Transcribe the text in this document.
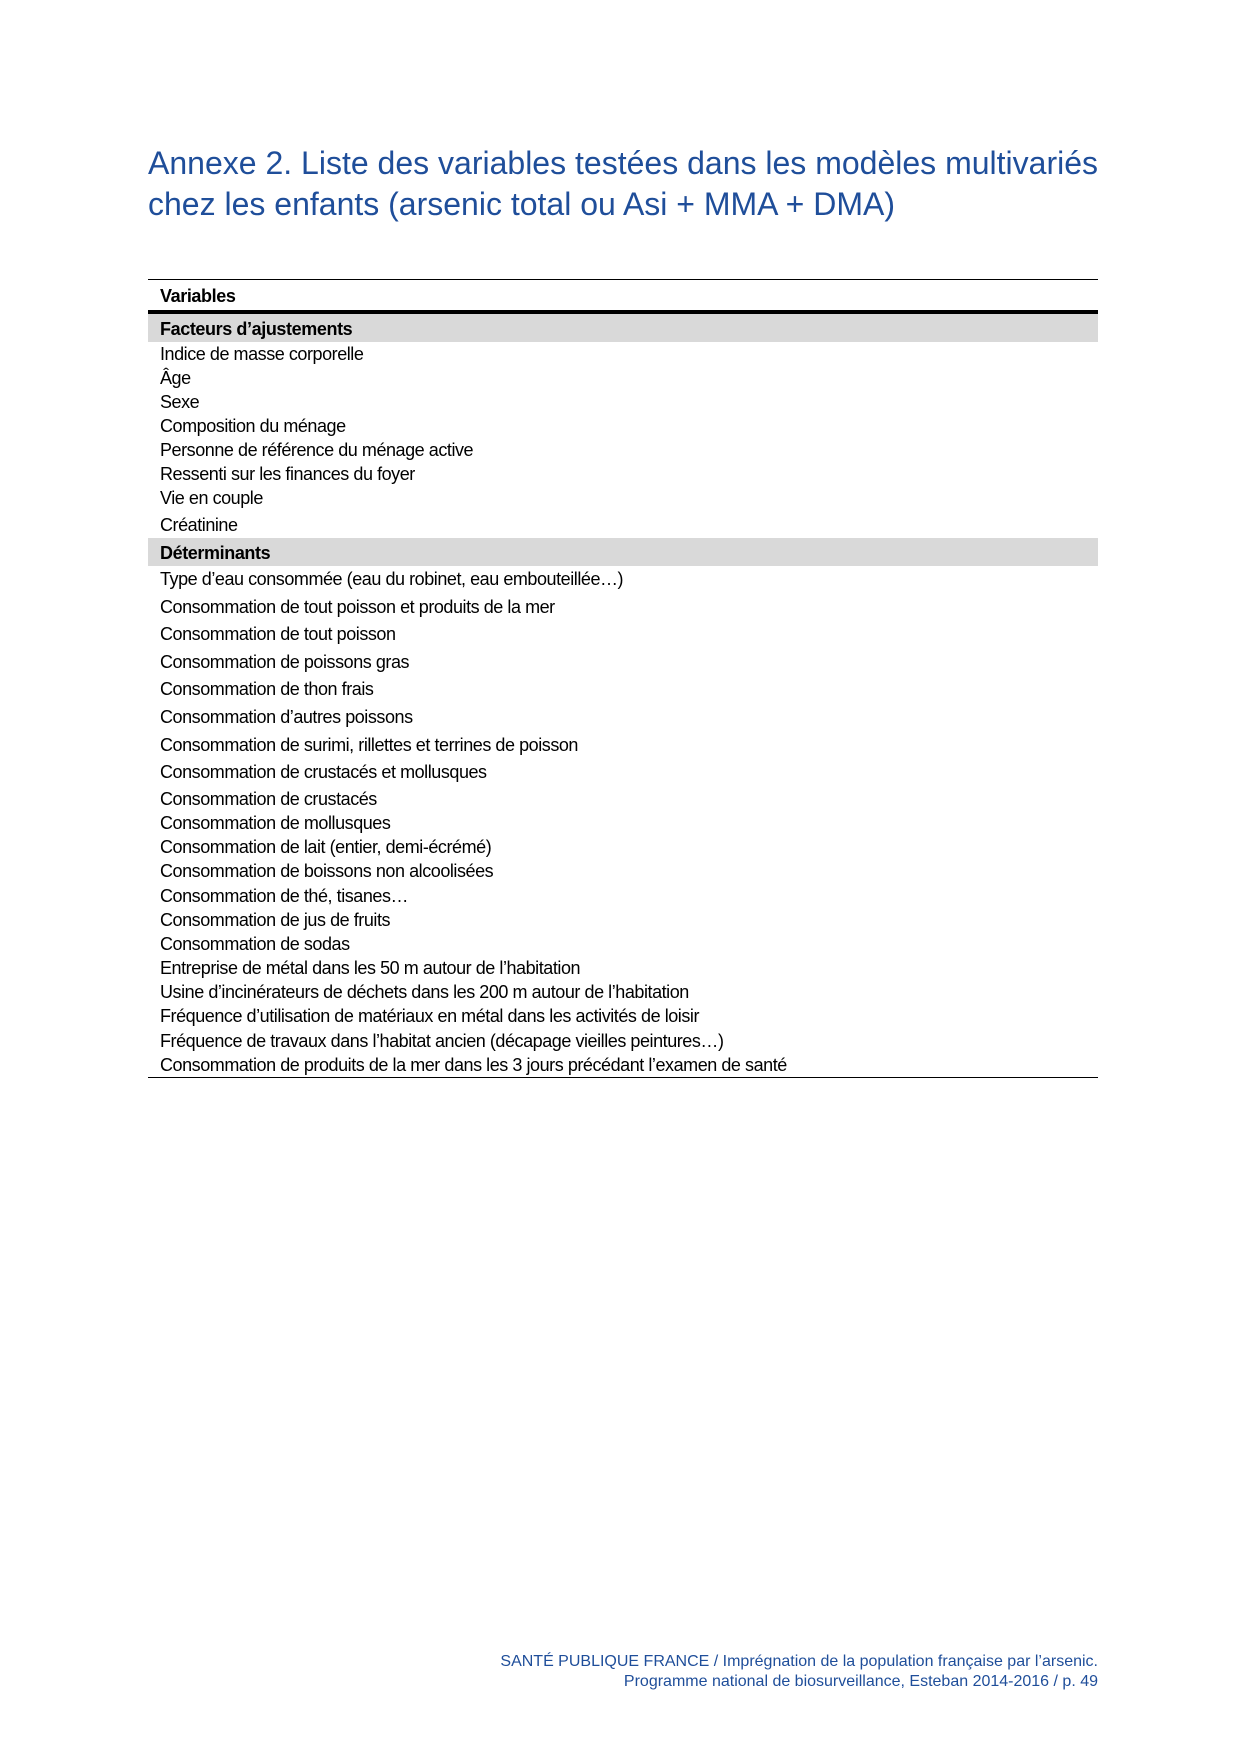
Annexe 2. Liste des variables testées dans les modèles multivariés chez les enfants (arsenic total ou Asi + MMA + DMA)
Variables
Facteurs d’ajustements
Indice de masse corporelle
Âge
Sexe
Composition du ménage
Personne de référence du ménage active
Ressenti sur les finances du foyer
Vie en couple
Créatinine
Déterminants
Type d’eau consommée (eau du robinet, eau embouteillée…)
Consommation de tout poisson et produits de la mer
Consommation de tout poisson
Consommation de poissons gras
Consommation de thon frais
Consommation d’autres poissons
Consommation de surimi, rillettes et terrines de poisson
Consommation de crustacés et mollusques
Consommation de crustacés
Consommation de mollusques
Consommation de lait (entier, demi-écrémé)
Consommation de boissons non alcoolisées
Consommation de thé, tisanes…
Consommation de jus de fruits
Consommation de sodas
Entreprise de métal dans les 50 m autour de l’habitation
Usine d’incinérateurs de déchets dans les 200 m autour de l’habitation
Fréquence d’utilisation de matériaux en métal dans les activités de loisir
Fréquence de travaux dans l’habitat ancien (décapage vieilles peintures…)
Consommation de produits de la mer dans les 3 jours précédant l’examen de santé
SANTÉ PUBLIQUE FRANCE / Imprégnation de la population française par l’arsenic.
Programme national de biosurveillance, Esteban 2014-2016 / p. 49
